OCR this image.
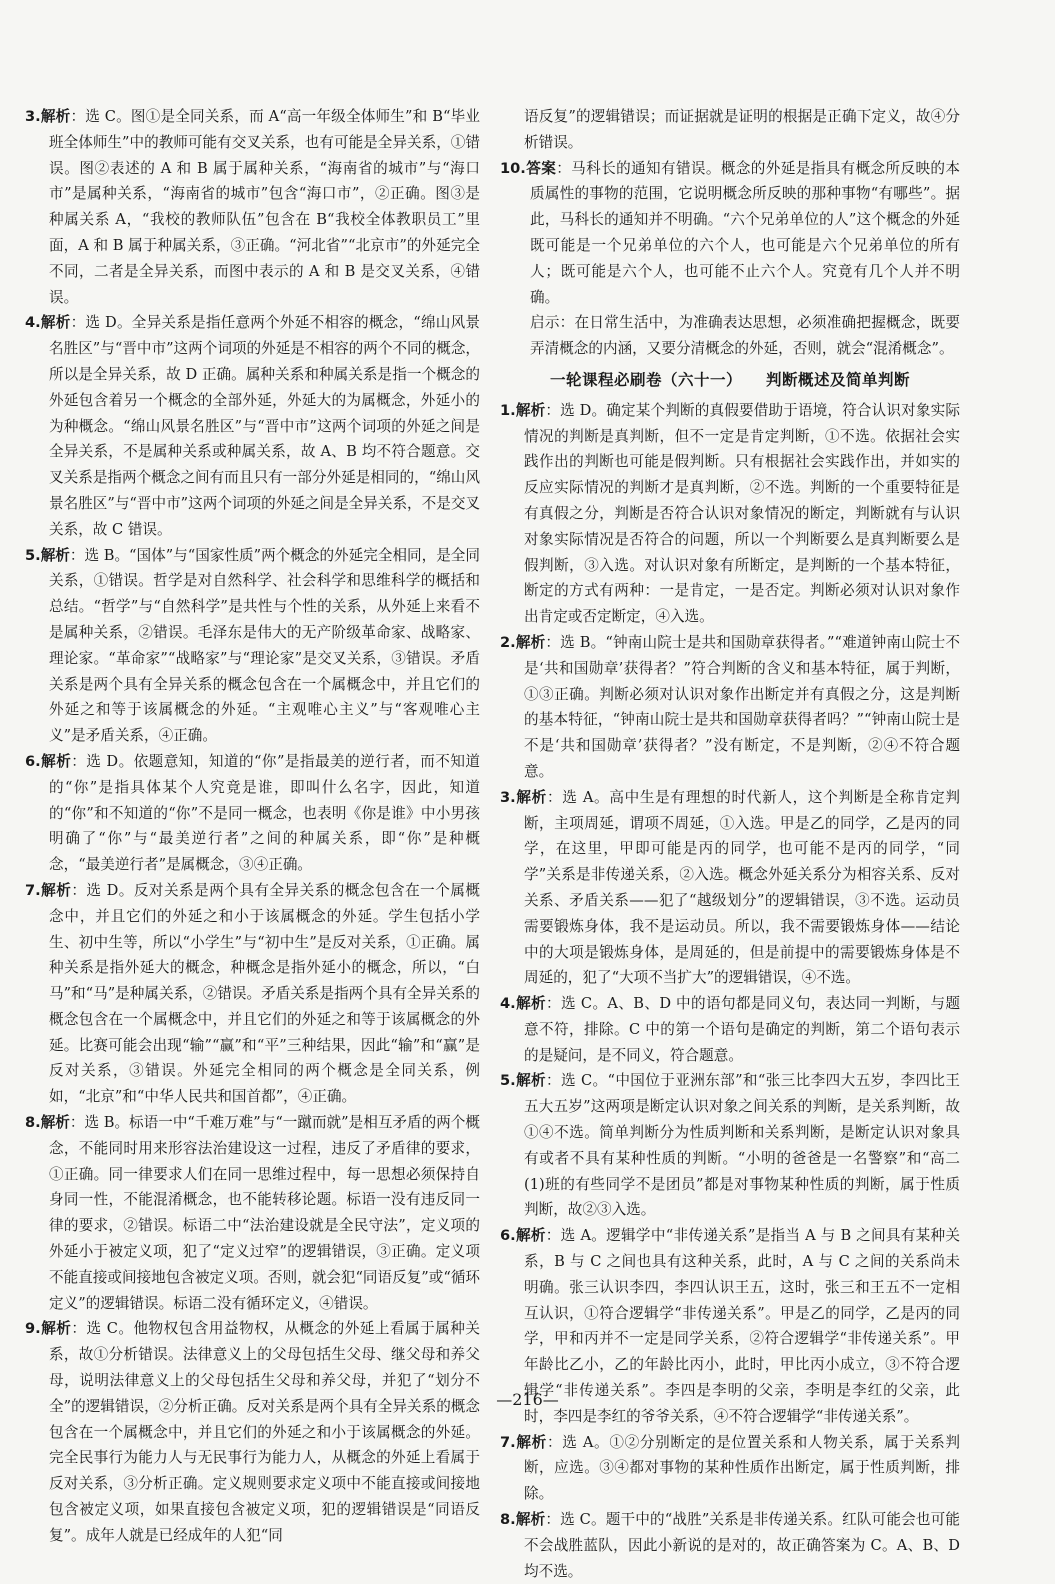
3.解析：选 C。图①是全同关系，而 A“高一年级全体师生”和 B“毕业班全体师生”中的教师可能有交叉关系，也有可能是全异关系，①错误。图②表述的 A 和 B 属于属种关系，“海南省的城市”与“海口市”是属种关系，“海南省的城市”包含“海口市”，②正确。图③是种属关系 A，“我校的教师队伍”包含在 B“我校全体教职员工”里面，A 和 B 属于种属关系，③正确。“河北省”“北京市”的外延完全不同，二者是全异关系，而图中表示的 A 和 B 是交叉关系，④错误。

4.解析：选 D。全异关系是指任意两个外延不相容的概念，“绵山风景名胜区”与“晋中市”这两个词项的外延是不相容的两个不同的概念，所以是全异关系，故 D 正确。属种关系和种属关系是指一个概念的外延包含着另一个概念的全部外延，外延大的为属概念，外延小的为种概念。“绵山风景名胜区”与“晋中市”这两个词项的外延之间是全异关系，不是属种关系或种属关系，故 A、B 均不符合题意。交叉关系是指两个概念之间有而且只有一部分外延是相同的，“绵山风景名胜区”与“晋中市”这两个词项的外延之间是全异关系，不是交叉关系，故 C 错误。

5.解析：选 B。“国体”与“国家性质”两个概念的外延完全相同，是全同关系，①错误。哲学是对自然科学、社会科学和思维科学的概括和总结。“哲学”与“自然科学”是共性与个性的关系，从外延上来看不是属种关系，②错误。毛泽东是伟大的无产阶级革命家、战略家、理论家。“革命家”“战略家”与“理论家”是交叉关系，③错误。矛盾关系是两个具有全异关系的概念包含在一个属概念中，并且它们的外延之和等于该属概念的外延。“主观唯心主义”与“客观唯心主义”是矛盾关系，④正确。

6.解析：选 D。依题意知，知道的“你”是指最美的逆行者，而不知道的“你”是指具体某个人究竟是谁，即叫什么名字，因此，知道的“你”和不知道的“你”不是同一概念，也表明《你是谁》中小男孩明确了“你”与“最美逆行者”之间的种属关系，即“你”是种概念，“最美逆行者”是属概念，③④正确。

7.解析：选 D。反对关系是两个具有全异关系的概念包含在一个属概念中，并且它们的外延之和小于该属概念的外延。学生包括小学生、初中生等，所以“小学生”与“初中生”是反对关系，①正确。属种关系是指外延大的概念，种概念是指外延小的概念，所以，“白马”和“马”是种属关系，②错误。矛盾关系是指两个具有全异关系的概念包含在一个属概念中，并且它们的外延之和等于该属概念的外延。比赛可能会出现“输”“赢”和“平”三种结果，因此“输”和“赢”是反对关系，③错误。外延完全相同的两个概念是全同关系，例如，“北京”和“中华人民共和国首都”，④正确。

8.解析：选 B。标语一中“千难万难”与“一蹴而就”是相互矛盾的两个概念，不能同时用来形容法治建设这一过程，违反了矛盾律的要求，①正确。同一律要求人们在同一思维过程中，每一思想必须保持自身同一性，不能混淆概念，也不能转移论题。标语一没有违反同一律的要求，②错误。标语二中“法治建设就是全民守法”，定义项的外延小于被定义项，犯了“定义过窄”的逻辑错误，③正确。定义项不能直接或间接地包含被定义项。否则，就会犯“同语反复”或“循环定义”的逻辑错误。标语二没有循环定义，④错误。

9.解析：选 C。他物权包含用益物权，从概念的外延上看属于属种关系，故①分析错误。法律意义上的父母包括生父母、继父母和养父母，说明法律意义上的父母包括生父母和养父母，并犯了“划分不全”的逻辑错误，②分析正确。反对关系是两个具有全异关系的概念包含在一个属概念中，并且它们的外延之和小于该属概念的外延。完全民事行为能力人与无民事行为能力人，从概念的外延上看属于反对关系，③分析正确。定义规则要求定义项中不能直接或间接地包含被定义项，如果直接包含被定义项，犯的逻辑错误是“同语反复”。成年人就是已经成年的人犯“同

语反复”的逻辑错误；而证据就是证明的根据是正确下定义，故④分析错误。

10.答案：马科长的通知有错误。概念的外延是指具有概念所反映的本质属性的事物的范围，它说明概念所反映的那种事物“有哪些”。据此，马科长的通知并不明确。“六个兄弟单位的人”这个概念的外延既可能是一个兄弟单位的六个人，也可能是六个兄弟单位的所有人；既可能是六个人，也可能不止六个人。究竟有几个人并不明确。

启示：在日常生活中，为准确表达思想，必须准确把握概念，既要弄清概念的内涵，又要分清概念的外延，否则，就会“混淆概念”。

一轮课程必刷卷（六十一） 判断概述及简单判断

1.解析：选 D。确定某个判断的真假要借助于语境，符合认识对象实际情况的判断是真判断，但不一定是肯定判断，①不选。依据社会实践作出的判断也可能是假判断。只有根据社会实践作出，并如实的反应实际情况的判断才是真判断，②不选。判断的一个重要特征是有真假之分，判断是否符合认识对象情况的断定，判断就有与认识对象实际情况是否符合的问题，所以一个判断要么是真判断要么是假判断，③入选。对认识对象有所断定，是判断的一个基本特征，断定的方式有两种：一是肯定，一是否定。判断必须对认识对象作出肯定或否定断定，④入选。

2.解析：选 B。“钟南山院士是共和国勋章获得者。”“难道钟南山院士不是‘共和国勋章’获得者？”符合判断的含义和基本特征，属于判断，①③正确。判断必须对认识对象作出断定并有真假之分，这是判断的基本特征，“钟南山院士是共和国勋章获得者吗？”“钟南山院士是不是‘共和国勋章’获得者？”没有断定，不是判断，②④不符合题意。

3.解析：选 A。高中生是有理想的时代新人，这个判断是全称肯定判断，主项周延，谓项不周延，①入选。甲是乙的同学，乙是丙的同学，在这里，甲即可能是丙的同学，也可能不是丙的同学，“同学”关系是非传递关系，②入选。概念外延关系分为相容关系、反对关系、矛盾关系——犯了“越级划分”的逻辑错误，③不选。运动员需要锻炼身体，我不是运动员。所以，我不需要锻炼身体——结论中的大项是锻炼身体，是周延的，但是前提中的需要锻炼身体是不周延的，犯了“大项不当扩大”的逻辑错误，④不选。

4.解析：选 C。A、B、D 中的语句都是同义句，表达同一判断，与题意不符，排除。C 中的第一个语句是确定的判断，第二个语句表示的是疑问，是不同义，符合题意。

5.解析：选 C。“中国位于亚洲东部”和“张三比李四大五岁，李四比王五大五岁”这两项是断定认识对象之间关系的判断，是关系判断，故①④不选。简单判断分为性质判断和关系判断，是断定认识对象具有或者不具有某种性质的判断。“小明的爸爸是一名警察”和“高二(1)班的有些同学不是团员”都是对事物某种性质的判断，属于性质判断，故②③入选。

6.解析：选 A。逻辑学中“非传递关系”是指当 A 与 B 之间具有某种关系，B 与 C 之间也具有这种关系，此时，A 与 C 之间的关系尚未明确。张三认识李四，李四认识王五，这时，张三和王五不一定相互认识，①符合逻辑学“非传递关系”。甲是乙的同学，乙是丙的同学，甲和丙并不一定是同学关系，②符合逻辑学“非传递关系”。甲年龄比乙小，乙的年龄比丙小，此时，甲比丙小成立，③不符合逻辑学“非传递关系”。李四是李明的父亲，李明是李红的父亲，此时，李四是李红的爷爷关系，④不符合逻辑学“非传递关系”。

7.解析：选 A。①②分别断定的是位置关系和人物关系，属于关系判断，应选。③④都对事物的某种性质作出断定，属于性质判断，排除。

8.解析：选 C。题干中的“战胜”关系是非传递关系。红队可能会也可能不会战胜蓝队，因此小新说的是对的，故正确答案为 C。A、B、D 均不选。

—216—
